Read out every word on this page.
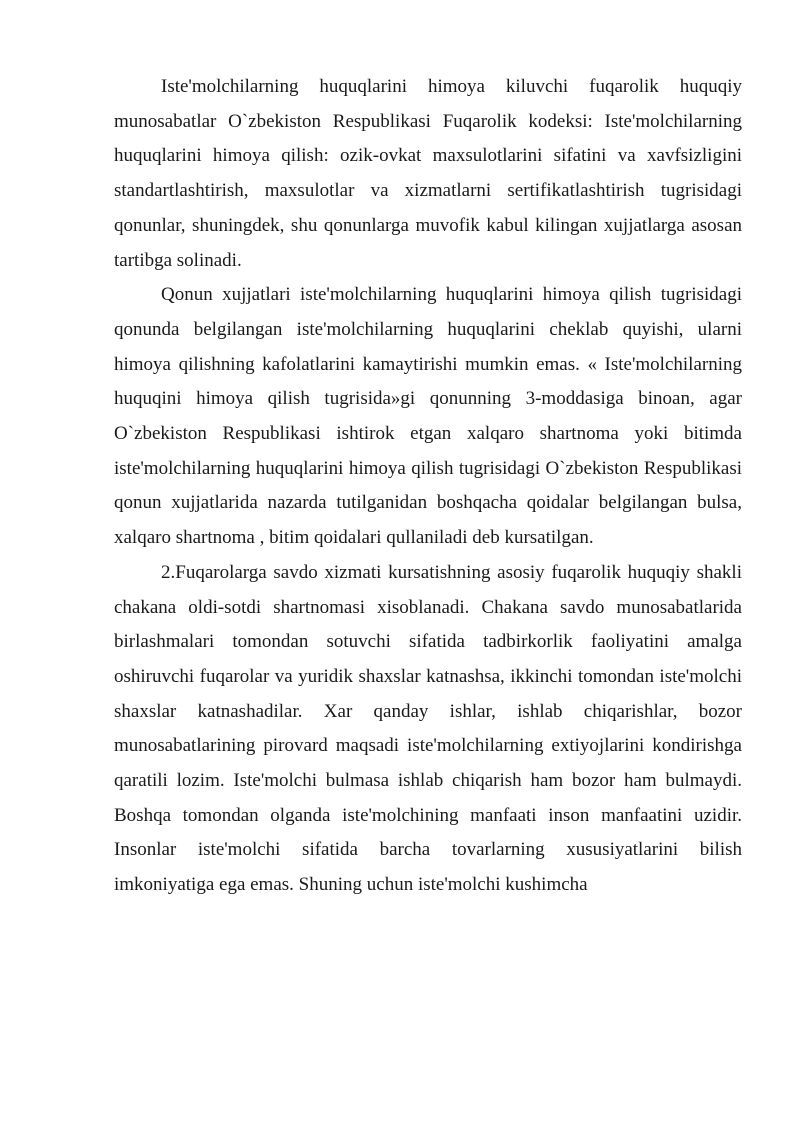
Iste'molchilarning huquqlarini himoya kiluvchi fuqarolik huquqiy munosabatlar O`zbekiston Respublikasi Fuqarolik kodeksi: Iste'molchilarning huquqlarini himoya qilish: ozik-ovkat maxsulotlarini sifatini va xavfsizligini standartlashtirish, maxsulotlar va xizmatlarni sertifikatlashtirish tugrisidagi qonunlar, shuningdek, shu qonunlarga muvofik kabul kilingan xujjatlarga asosan tartibga solinadi.

Qonun xujjatlari iste'molchilarning huquqlarini himoya qilish tugrisidagi qonunda belgilangan iste'molchilarning huquqlarini cheklab quyishi, ularni himoya qilishning kafolatlarini kamaytirishi mumkin emas. « Iste'molchilarning huquqini himoya qilish tugrisida»gi qonunning 3-moddasiga binoan, agar O`zbekiston Respublikasi ishtirok etgan xalqaro shartnoma yoki bitimda iste'molchilarning huquqlarini himoya qilish tugrisidagi O`zbekiston Respublikasi qonun xujjatlarida nazarda tutilganidan boshqacha qoidalar belgilangan bulsa, xalqaro shartnoma , bitim qoidalari qullaniladi deb kursatilgan.

2.Fuqarolarga savdo xizmati kursatishning asosiy fuqarolik huquqiy shakli chakana oldi-sotdi shartnomasi xisoblanadi. Chakana savdo munosabatlarida birlashmalari tomondan sotuvchi sifatida tadbirkorlik faoliyatini amalga oshiruvchi fuqarolar va yuridik shaxslar katnashsa, ikkinchi tomondan iste'molchi shaxslar katnashadilar. Xar qanday ishlar, ishlab chiqarishlar, bozor munosabatlarining pirovard maqsadi iste'molchilarning extiyojlarini kondirishga qaratili lozim. Iste'molchi bulmasa ishlab chiqarish ham bozor ham bulmaydi. Boshqa tomondan olganda iste'molchining manfaati inson manfaatini uzidir. Insonlar iste'molchi sifatida barcha tovarlarning xususiyatlarini bilish imkoniyatiga ega emas. Shuning uchun iste'molchi kushimcha
